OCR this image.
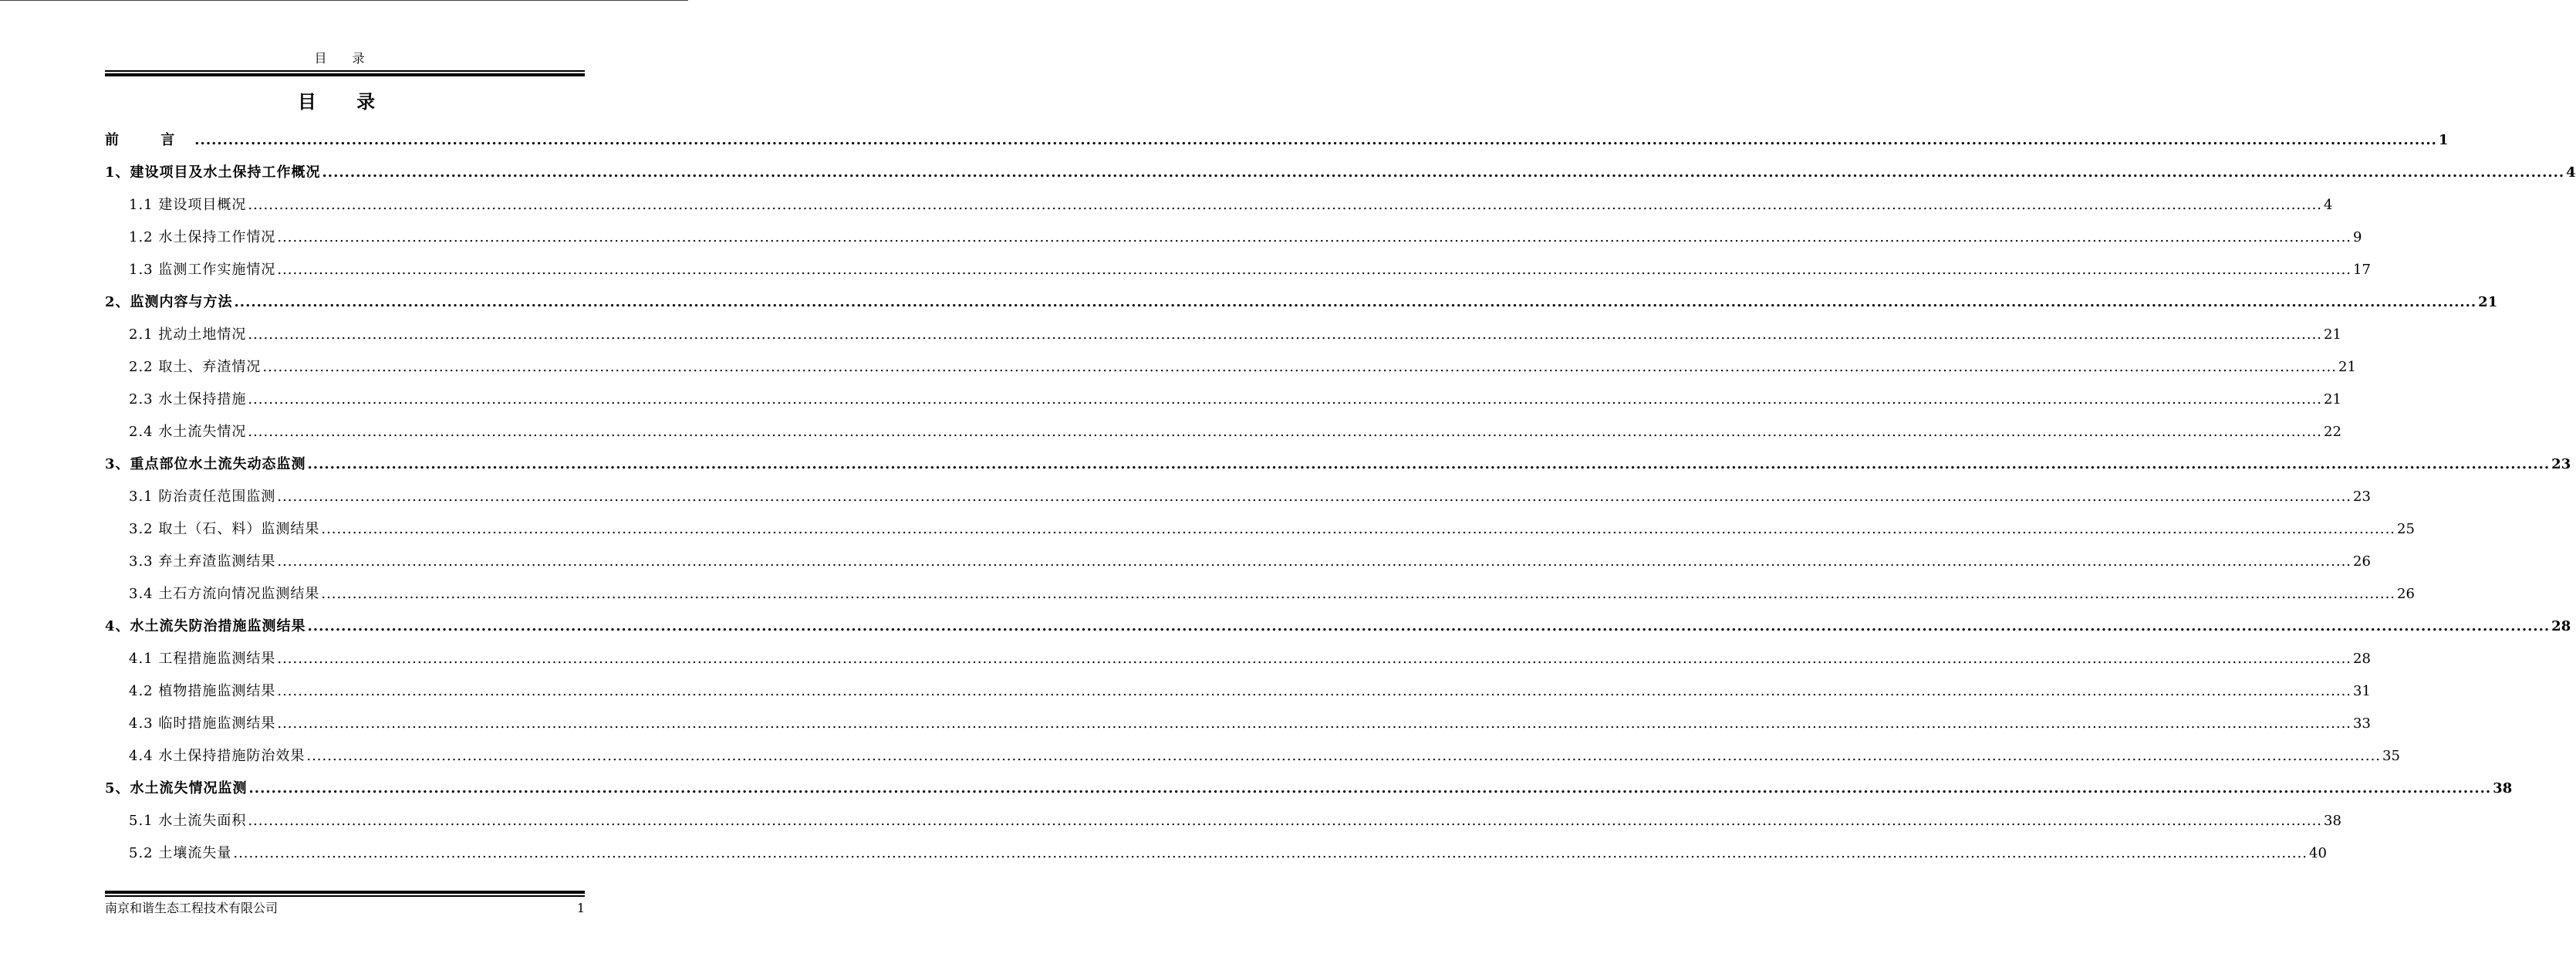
目 录
目 录
前 言 ................................................................................................................................................................................................................................................................................................................................................................................................................ 1
1、建设项目及水土保持工作概况 ................................................................................................................................................................................................................................................................................................................................................................................................................ 4
1.1 建设项目概况 ................................................................................................................................................................................................................................................................................................................................................................................................................ 4
1.2 水土保持工作情况 ................................................................................................................................................................................................................................................................................................................................................................................................................ 9
1.3 监测工作实施情况 ................................................................................................................................................................................................................................................................................................................................................................................................................ 17
2、监测内容与方法 ................................................................................................................................................................................................................................................................................................................................................................................................................ 21
2.1 扰动土地情况 ................................................................................................................................................................................................................................................................................................................................................................................................................ 21
2.2 取土、弃渣情况 ................................................................................................................................................................................................................................................................................................................................................................................................................ 21
2.3 水土保持措施 ................................................................................................................................................................................................................................................................................................................................................................................................................ 21
2.4 水土流失情况 ................................................................................................................................................................................................................................................................................................................................................................................................................ 22
3、重点部位水土流失动态监测 ................................................................................................................................................................................................................................................................................................................................................................................................................ 23
3.1 防治责任范围监测 ................................................................................................................................................................................................................................................................................................................................................................................................................ 23
3.2 取土（石、料）监测结果 ................................................................................................................................................................................................................................................................................................................................................................................................................ 25
3.3 弃土弃渣监测结果 ................................................................................................................................................................................................................................................................................................................................................................................................................ 26
3.4 土石方流向情况监测结果 ................................................................................................................................................................................................................................................................................................................................................................................................................ 26
4、水土流失防治措施监测结果 ................................................................................................................................................................................................................................................................................................................................................................................................................ 28
4.1 工程措施监测结果 ................................................................................................................................................................................................................................................................................................................................................................................................................ 28
4.2 植物措施监测结果 ................................................................................................................................................................................................................................................................................................................................................................................................................ 31
4.3 临时措施监测结果 ................................................................................................................................................................................................................................................................................................................................................................................................................ 33
4.4 水土保持措施防治效果 ................................................................................................................................................................................................................................................................................................................................................................................................................ 35
5、水土流失情况监测 ................................................................................................................................................................................................................................................................................................................................................................................................................ 38
5.1 水土流失面积 ................................................................................................................................................................................................................................................................................................................................................................................................................ 38
5.2 土壤流失量 ................................................................................................................................................................................................................................................................................................................................................................................................................ 40
南京和谐生态工程技术有限公司	1
